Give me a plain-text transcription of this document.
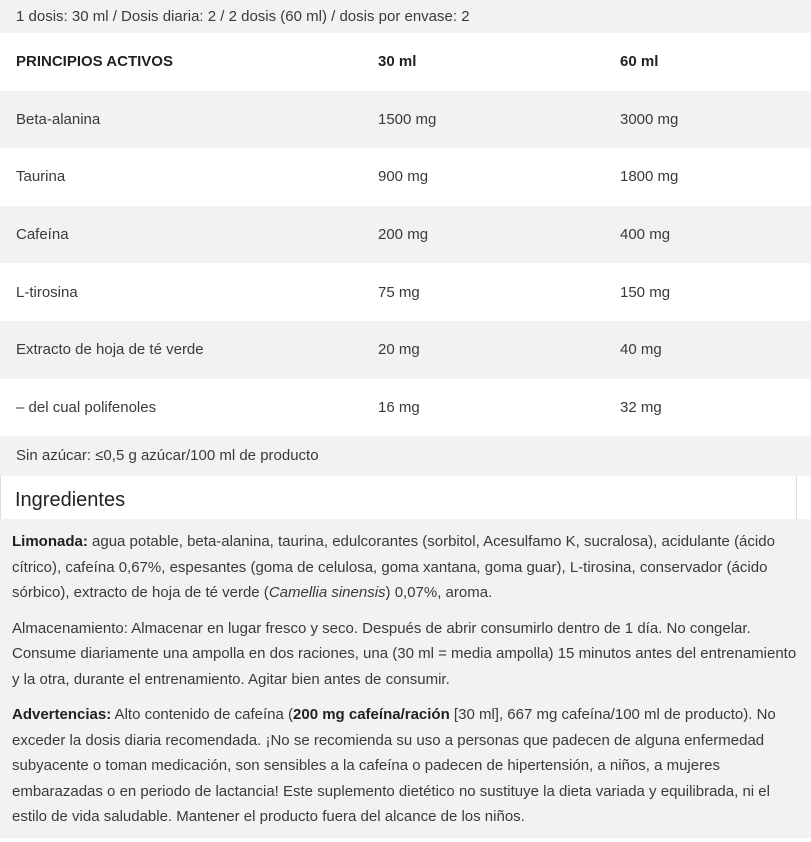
1 dosis: 30 ml / Dosis diaria: 2 / 2 dosis (60 ml) / dosis por envase: 2
PRINCIPIOS ACTIVOS	30 ml	60 ml
Beta-alanina	1500 mg	3000 mg
Taurina	900 mg	1800 mg
Cafeína	200 mg	400 mg
L-tirosina	75 mg	150 mg
Extracto de hoja de té verde	20 mg	40 mg
– del cual polifenoles	16 mg	32 mg
Sin azúcar: ≤0,5 g azúcar/100 ml de producto
Ingredientes

Limonada: agua potable, beta-alanina, taurina, edulcorantes (sorbitol, Acesulfamo K, sucralosa), acidulante (ácido cítrico), cafeína 0,67%, espesantes (goma de celulosa, goma xantana, goma guar), L-tirosina, conservador (ácido sórbico), extracto de hoja de té verde (Camellia sinensis) 0,07%, aroma.

Almacenamiento: Almacenar en lugar fresco y seco. Después de abrir consumirlo dentro de 1 día. No congelar. Consume diariamente una ampolla en dos raciones, una (30 ml = media ampolla) 15 minutos antes del entrenamiento y la otra, durante el entrenamiento. Agitar bien antes de consumir.

Advertencias: Alto contenido de cafeína (200 mg cafeína/ración [30 ml], 667 mg cafeína/100 ml de producto). No exceder la dosis diaria recomendada. ¡No se recomienda su uso a personas que padecen de alguna enfermedad subyacente o toman medicación, son sensibles a la cafeína o padecen de hipertensión, a niños, a mujeres embarazadas o en periodo de lactancia! Este suplemento dietético no sustituye la dieta variada y equilibrada, ni el estilo de vida saludable. Mantener el producto fuera del alcance de los niños.
